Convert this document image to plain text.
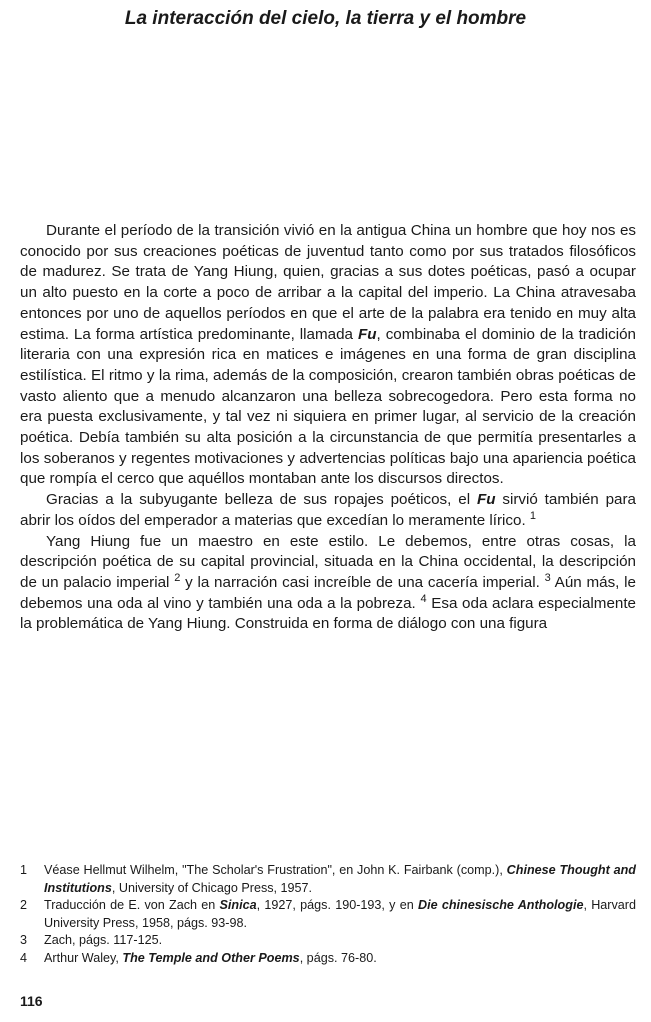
La interacción del cielo, la tierra y el hombre

Durante el período de la transición vivió en la antigua China un hombre que hoy nos es conocido por sus creaciones poéticas de juventud tanto como por sus tratados filosóficos de madurez. Se trata de Yang Hiung, quien, gracias a sus dotes poéticas, pasó a ocupar un alto puesto en la corte a poco de arribar a la capital del imperio. La China atravesaba entonces por uno de aquellos períodos en que el arte de la palabra era tenido en muy alta estima. La forma artística predominante, llamada Fu, combinaba el dominio de la tradición literaria con una expresión rica en matices e imágenes en una forma de gran disciplina estilística. El ritmo y la rima, además de la composición, crearon también obras poéticas de vasto aliento que a menudo alcanzaron una belleza sobrecogedora. Pero esta forma no era puesta exclusivamente, y tal vez ni siquiera en primer lugar, al servicio de la creación poética. Debía también su alta posición a la circunstancia de que permitía presentarles a los soberanos y regentes motivaciones y advertencias políticas bajo una apariencia poética que rompía el cerco que aquéllos montaban ante los discursos directos.

Gracias a la subyugante belleza de sus ropajes poéticos, el Fu sirvió también para abrir los oídos del emperador a materias que excedían lo meramente lírico. $^1$

Yang Hiung fue un maestro en este estilo. Le debemos, entre otras cosas, la descripción poética de su capital provincial, situada en la China occidental, la descripción de un palacio imperial $^2$ y la narración casi increíble de una cacería imperial. $^3$ Aún más, le debemos una oda al vino y también una oda a la pobreza. $^4$ Esa oda aclara especialmente la problemática de Yang Hiung. Construida en forma de diálogo con una figura

1	Véase Hellmut Wilhelm, "The Scholar's Frustration", en John K. Fairbank (comp.), Chinese Thought and Institutions, University of Chicago Press, 1957.
2	Traducción de E. von Zach en Sinica, 1927, págs. 190-193, y en Die chinesische Anthologie, Harvard University Press, 1958, págs. 93-98.
3	Zach, págs. 117-125.
4	Arthur Waley, The Temple and Other Poems, págs. 76-80.
116
